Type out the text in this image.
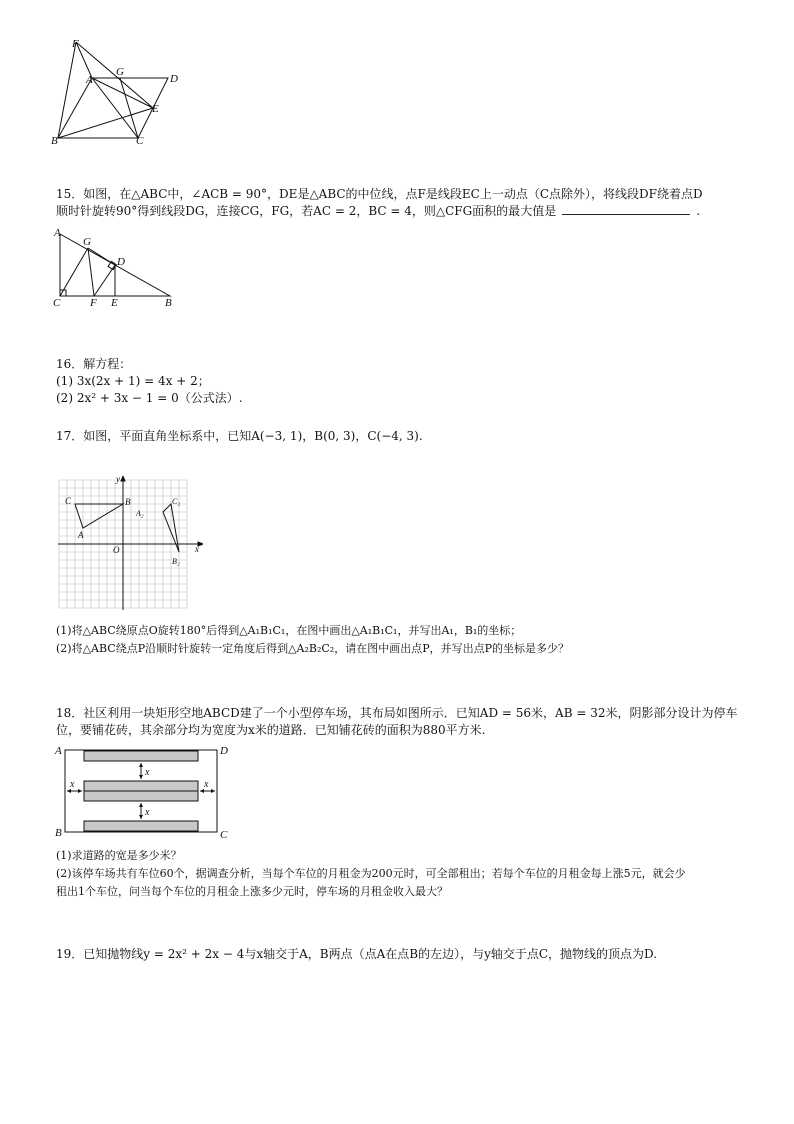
F
A
G
D
E
B	C
15．如图，在△ABC中，∠ACB = 90°，DE是△ABC的中位线，点F是线段EC上一动点（C点除外），将线段DF绕着点D
顺时针旋转90°得到线段DG，连接CG，FG，若AC = 2，BC = 4，则△CFG面积的最大值是	.
A
G
D
C	F E	B
16．解方程：
(1) 3x(2x + 1) = 4x + 2；
(2) 2x² + 3x − 1 = 0（公式法）.
17．如图，平面直角坐标系中，已知A(−3, 1)，B(0, 3)，C(−4, 3).
y
x
O
C
A
B
A₂
C₂
B₂
(1)将△ABC绕原点O旋转180°后得到△A₁B₁C₁，在图中画出△A₁B₁C₁，并写出A₁，B₁的坐标；
(2)将△ABC绕点P沿顺时针旋转一定角度后得到△A₂B₂C₂，请在图中画出点P，并写出点P的坐标是多少？
18．社区利用一块矩形空地ABCD建了一个小型停车场，其布局如图所示．已知AD = 56米，AB = 32米，阴影部分设计为停车
位，要铺花砖，其余部分均为宽度为x米的道路．已知铺花砖的面积为880平方米.
A	D
B	C
x
x
x	x
(1)求道路的宽是多少米？
(2)该停车场共有车位60个，据调查分析，当每个车位的月租金为200元时，可全部租出；若每个车位的月租金每上涨5元，就会少
租出1个车位，问当每个车位的月租金上涨多少元时，停车场的月租金收入最大？
19．已知抛物线y = 2x² + 2x − 4与x轴交于A，B两点（点A在点B的左边），与y轴交于点C，抛物线的顶点为D.
